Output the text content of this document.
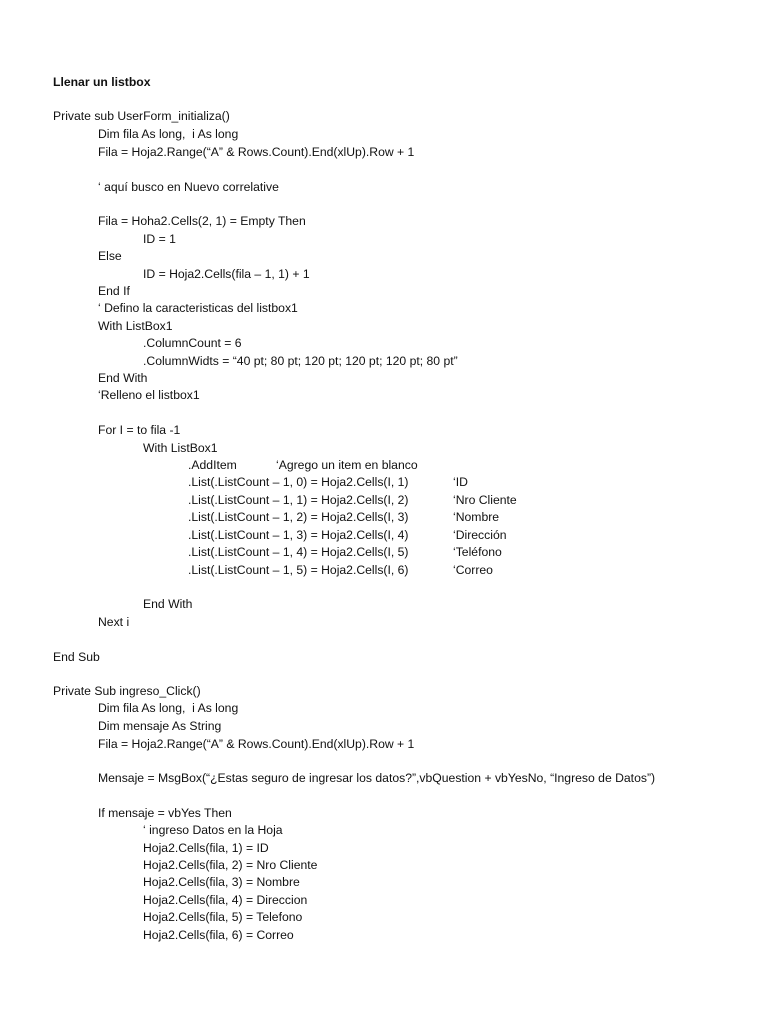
Llenar un listbox
Private sub UserForm_initializa()
Dim fila As long,  i As long
Fila = Hoja2.Range(“A” & Rows.Count).End(xlUp).Row + 1
‘ aquí busco en Nuevo correlative
Fila = Hoha2.Cells(2, 1) = Empty Then
ID = 1
Else
ID = Hoja2.Cells(fila – 1, 1) + 1
End If
‘ Defino la caracteristicas del listbox1
With ListBox1
.ColumnCount = 6
.ColumnWidts = “40 pt; 80 pt; 120 pt; 120 pt; 120 pt; 80 pt”
End With
‘Relleno el listbox1
For I = to fila -1
With ListBox1
.AddItem	‘Agrego un item en blanco
.List(.ListCount – 1, 0) = Hoja2.Cells(I, 1)	‘ID
.List(.ListCount – 1, 1) = Hoja2.Cells(I, 2)	‘Nro Cliente
.List(.ListCount – 1, 2) = Hoja2.Cells(I, 3)	‘Nombre
.List(.ListCount – 1, 3) = Hoja2.Cells(I, 4)	‘Dirección
.List(.ListCount – 1, 4) = Hoja2.Cells(I, 5)	‘Teléfono
.List(.ListCount – 1, 5) = Hoja2.Cells(I, 6)	‘Correo
End With
Next i
End Sub
Private Sub ingreso_Click()
Dim fila As long,  i As long
Dim mensaje As String
Fila = Hoja2.Range(“A” & Rows.Count).End(xlUp).Row + 1
Mensaje = MsgBox(“¿Estas seguro de ingresar los datos?”,vbQuestion + vbYesNo, “Ingreso de Datos”)
If mensaje = vbYes Then
‘ ingreso Datos en la Hoja
Hoja2.Cells(fila, 1) = ID
Hoja2.Cells(fila, 2) = Nro Cliente
Hoja2.Cells(fila, 3) = Nombre
Hoja2.Cells(fila, 4) = Direccion
Hoja2.Cells(fila, 5) = Telefono
Hoja2.Cells(fila, 6) = Correo
